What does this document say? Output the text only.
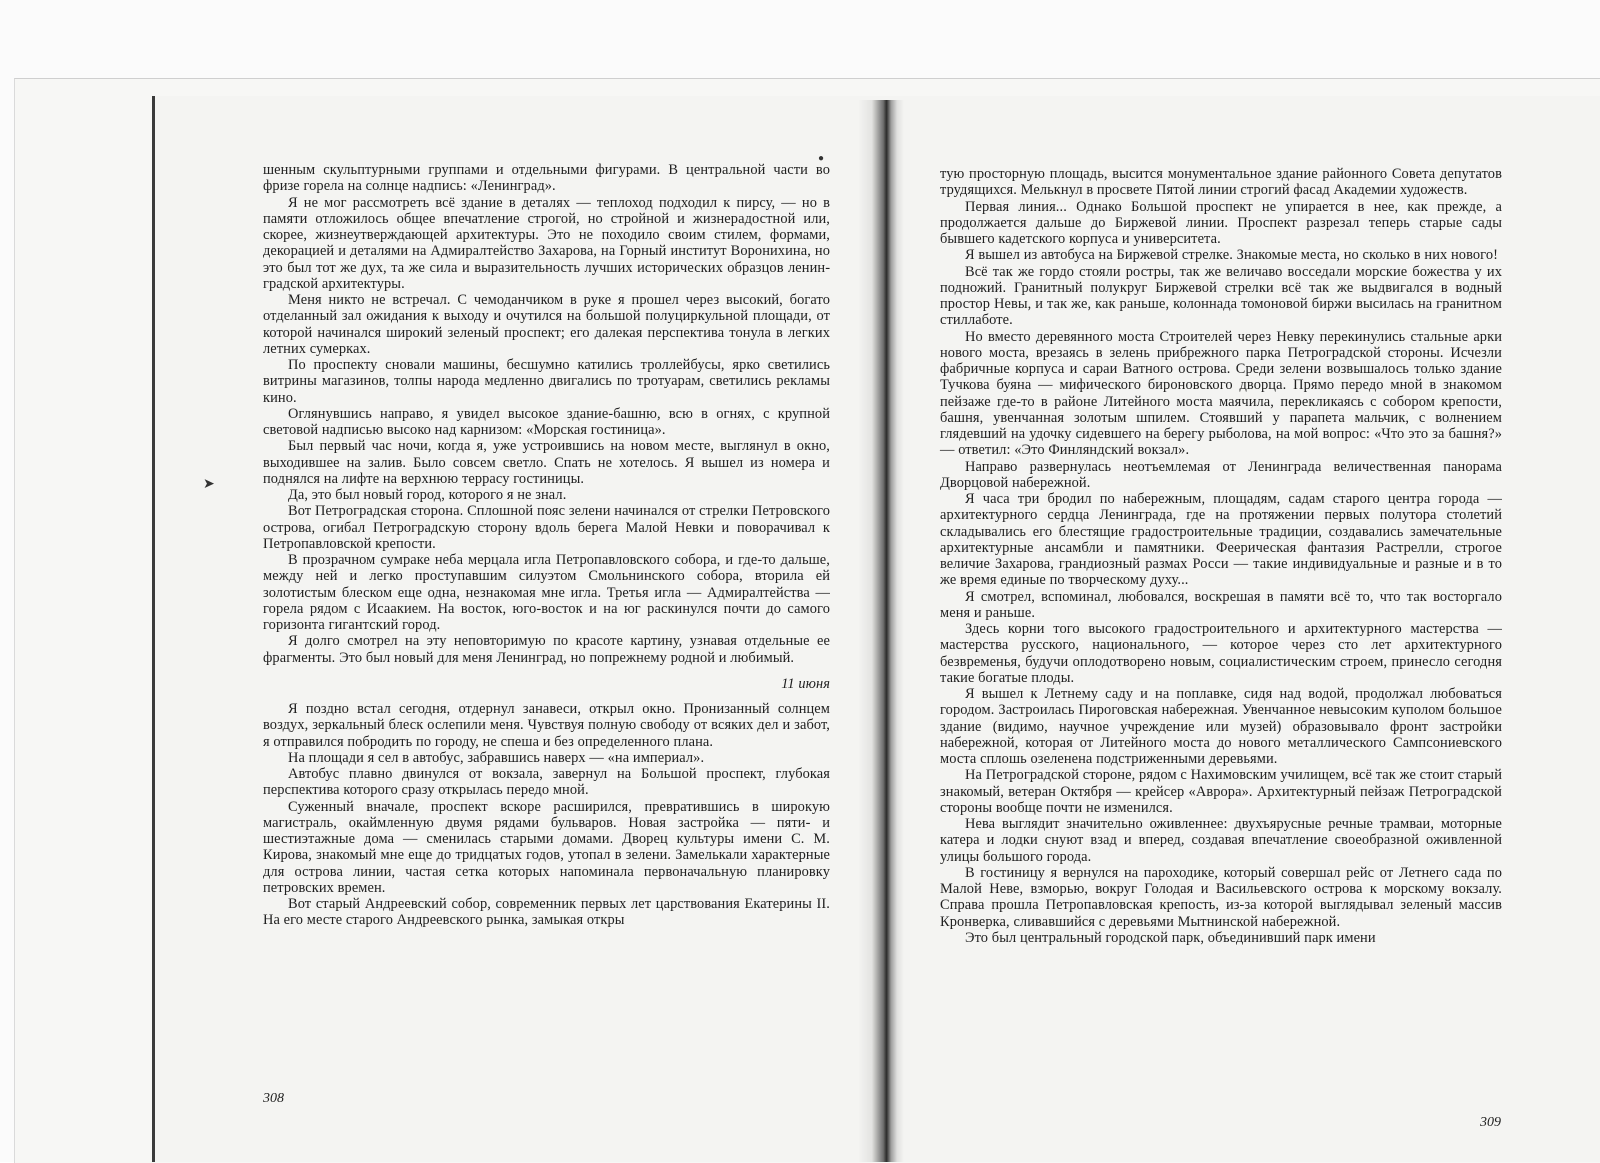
➤
●

шенным скульптурными группами и отдельными фигурами. В центральной части во фризе горела на солнце надпись: «Ленинград».

Я не мог рассмотреть всё здание в деталях — теплоход подходил к пирсу, — но в памяти отложилось общее впечатление строгой, но стройной и жизнерадостной или, скорее, жизнеутверждающей архитектуры. Это не походило своим стилем, формами, декорацией и деталями на Адмиралтейство Захарова, на Горный институт Воронихина, но это был тот же дух, та же сила и выразительность лучших исторических образцов ленинградской архитектуры.

Меня никто не встречал. С чемоданчиком в руке я прошел через высокий, богато отделанный зал ожидания к выходу и очутился на большой полуциркульной площади, от которой начинался широкий зеленый проспект; его далекая перспектива тонула в легких летних сумерках.

По проспекту сновали машины, бесшумно катились троллейбусы, ярко светились витрины магазинов, толпы народа медленно двигались по тротуарам, светились рекламы кино.

Оглянувшись направо, я увидел высокое здание-башню, всю в огнях, с крупной световой надписью высоко над карнизом: «Морская гостиница».

Был первый час ночи, когда я, уже устроившись на новом месте, выглянул в окно, выходившее на залив. Было совсем светло. Спать не хотелось. Я вышел из номера и поднялся на лифте на верхнюю террасу гостиницы.

Да, это был новый город, которого я не знал.

Вот Петроградская сторона. Сплошной пояс зелени начинался от стрелки Петровского острова, огибал Петроградскую сторону вдоль берега Малой Невки и поворачивал к Петропавловской крепости.

В прозрачном сумраке неба мерцала игла Петропавловского собора, и где-то дальше, между ней и легко проступавшим силуэтом Смольнинского собора, вторила ей золотистым блеском еще одна, незнакомая мне игла. Третья игла — Адмиралтейства — горела рядом с Исаакием. На восток, юго-восток и на юг раскинулся почти до самого горизонта гигантский город.

Я долго смотрел на эту неповторимую по красоте картину, узнавая отдельные ее фрагменты. Это был новый для меня Ленинград, но попрежнему родной и любимый.

11 июня

Я поздно встал сегодня, отдернул занавеси, открыл окно. Пронизанный солнцем воздух, зеркальный блеск ослепили меня. Чувствуя полную свободу от всяких дел и забот, я отправился побродить по городу, не спеша и без определенного плана.

На площади я сел в автобус, забравшись наверх — «на империал».

Автобус плавно двинулся от вокзала, завернул на Большой проспект, глубокая перспектива которого сразу открылась передо мной.

Суженный вначале, проспект вскоре расширился, превратившись в широкую магистраль, окаймленную двумя рядами бульваров. Новая застройка — пяти- и шестиэтажные дома — сменилась старыми домами. Дворец культуры имени С. М. Кирова, знакомый мне еще до тридцатых годов, утопал в зелени. Замелькали характерные для острова линии, частая сетка которых напоминала первоначальную планировку петровских времен.

Вот старый Андреевский собор, современник первых лет царствования Екатерины II. На его месте старого Андреевского рынка, замыкая откры

тую просторную площадь, высится монументальное здание районного Совета депутатов трудящихся. Мелькнул в просвете Пятой линии строгий фасад Академии художеств.

Первая линия... Однако Большой проспект не упирается в нее, как прежде, а продолжается дальше до Биржевой линии. Проспект разрезал теперь старые сады бывшего кадетского корпуса и университета.

Я вышел из автобуса на Биржевой стрелке. Знакомые места, но сколько в них нового!

Всё так же гордо стояли ростры, так же величаво восседали морские божества у их подножий. Гранитный полукруг Биржевой стрелки всё так же выдвигался в водный простор Невы, и так же, как раньше, колоннада томоновой биржи высилась на гранитном стиллаботе.

Но вместо деревянного моста Строителей через Невку перекинулись стальные арки нового моста, врезаясь в зелень прибрежного парка Петроградской стороны. Исчезли фабричные корпуса и сараи Ватного острова. Среди зелени возвышалось только здание Тучкова буяна — мифического бироновского дворца. Прямо передо мной в знакомом пейзаже где-то в районе Литейного моста маячила, перекликаясь с собором крепости, башня, увенчанная золотым шпилем. Стоявший у парапета мальчик, с волнением глядевший на удочку сидевшего на берегу рыболова, на мой вопрос: «Что это за башня?» — ответил: «Это Финляндский вокзал».

Направо развернулась неотъемлемая от Ленинграда величественная панорама Дворцовой набережной.

Я часа три бродил по набережным, площадям, садам старого центра города — архитектурного сердца Ленинграда, где на протяжении первых полутора столетий складывались его блестящие градостроительные традиции, создавались замечательные архитектурные ансамбли и памятники. Феерическая фантазия Растрелли, строгое величие Захарова, грандиозный размах Росси — такие индивидуальные и разные и в то же время единые по творческому духу...

Я смотрел, вспоминал, любовался, воскрешая в памяти всё то, что так восторгало меня и раньше.

Здесь корни того высокого градостроительного и архитектурного мастерства — мастерства русского, национального, — которое через сто лет архитектурного безвременья, будучи оплодотворено новым, социалистическим строем, принесло сегодня такие богатые плоды.

Я вышел к Летнему саду и на поплавке, сидя над водой, продолжал любоваться городом. Застроилась Пироговская набережная. Увенчанное невысоким куполом большое здание (видимо, научное учреждение или музей) образовывало фронт застройки набережной, которая от Литейного моста до нового металлического Сампсониевского моста сплошь озеленена подстриженными деревьями.

На Петроградской стороне, рядом с Нахимовским училищем, всё так же стоит старый знакомый, ветеран Октября — крейсер «Аврора». Архитектурный пейзаж Петроградской стороны вообще почти не изменился.

Нева выглядит значительно оживленнее: двухъярусные речные трамваи, моторные катера и лодки снуют взад и вперед, создавая впечатление своеобразной оживленной улицы большого города.

В гостиницу я вернулся на пароходике, который совершал рейс от Летнего сада по Малой Неве, взморью, вокруг Голодая и Васильевского острова к морскому вокзалу. Справа прошла Петропавловская крепость, из-за которой выглядывал зеленый массив Кронверка, сливавшийся с деревьями Мытнинской набережной.

Это был центральный городской парк, объединивший парк имени

308
309
